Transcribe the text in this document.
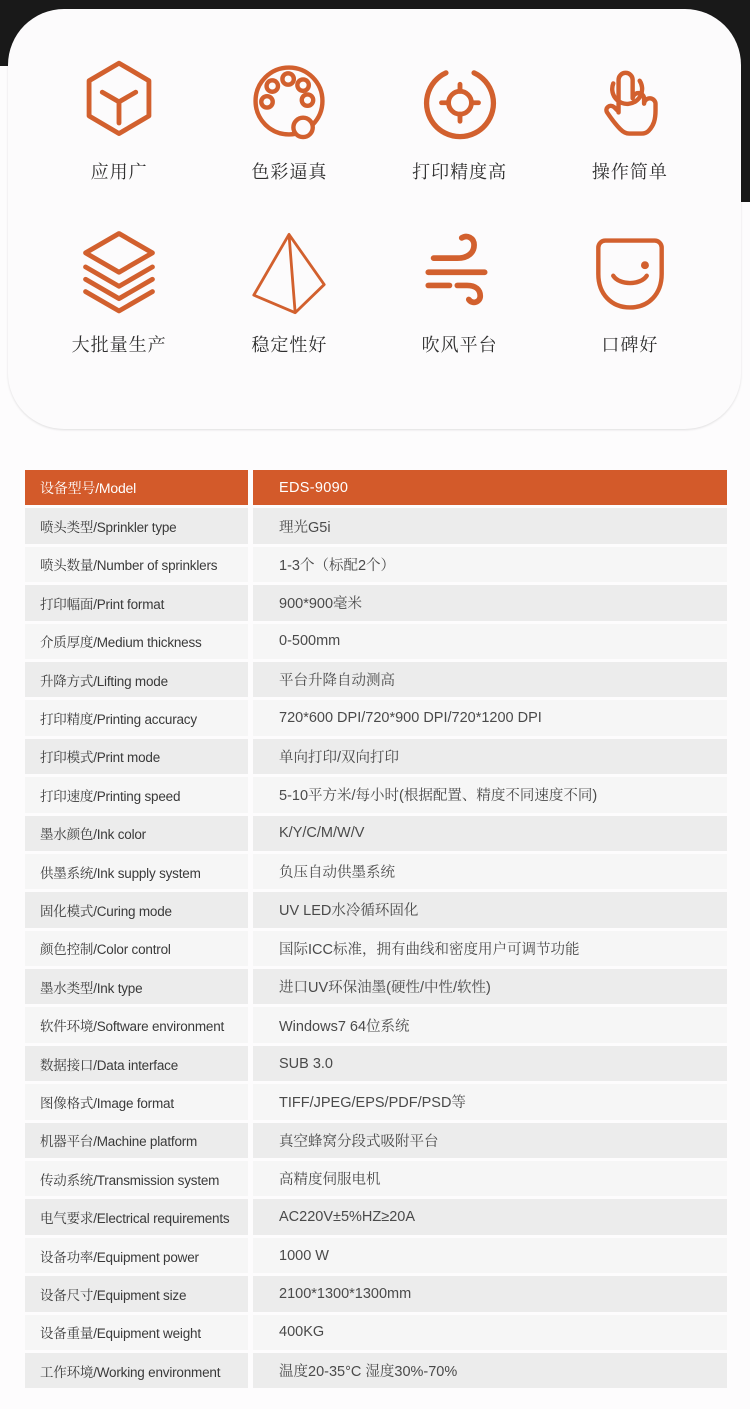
应用广	色彩逼真	打印精度高	操作简单
大批量生产	稳定性好	吹风平台	口碑好
设备型号/Model	EDS-9090
喷头类型/Sprinkler type	理光G5i
喷头数量/Number of sprinklers	1-3个（标配2个）
打印幅面/Print format	900*900毫米
介质厚度/Medium thickness	0-500mm
升降方式/Lifting mode	平台升降自动测高
打印精度/Printing accuracy	720*600 DPI/720*900 DPI/720*1200 DPI
打印模式/Print mode	单向打印/双向打印
打印速度/Printing speed	5-10平方米/每小时(根据配置、精度不同速度不同)
墨水颜色/Ink color	K/Y/C/M/W/V
供墨系统/Ink supply system	负压自动供墨系统
固化模式/Curing mode	UV LED水冷循环固化
颜色控制/Color control	国际ICC标准，拥有曲线和密度用户可调节功能
墨水类型/Ink type	进口UV环保油墨(硬性/中性/软性)
软件环境/Software environment	Windows7 64位系统
数据接口/Data interface	SUB 3.0
图像格式/Image format	TIFF/JPEG/EPS/PDF/PSD等
机器平台/Machine platform	真空蜂窝分段式吸附平台
传动系统/Transmission system	高精度伺服电机
电气要求/Electrical requirements	AC220V±5%HZ≥20A
设备功率/Equipment power	1000 W
设备尺寸/Equipment size	2100*1300*1300mm
设备重量/Equipment weight	400KG
工作环境/Working environment	温度20-35°C 湿度30%-70%
